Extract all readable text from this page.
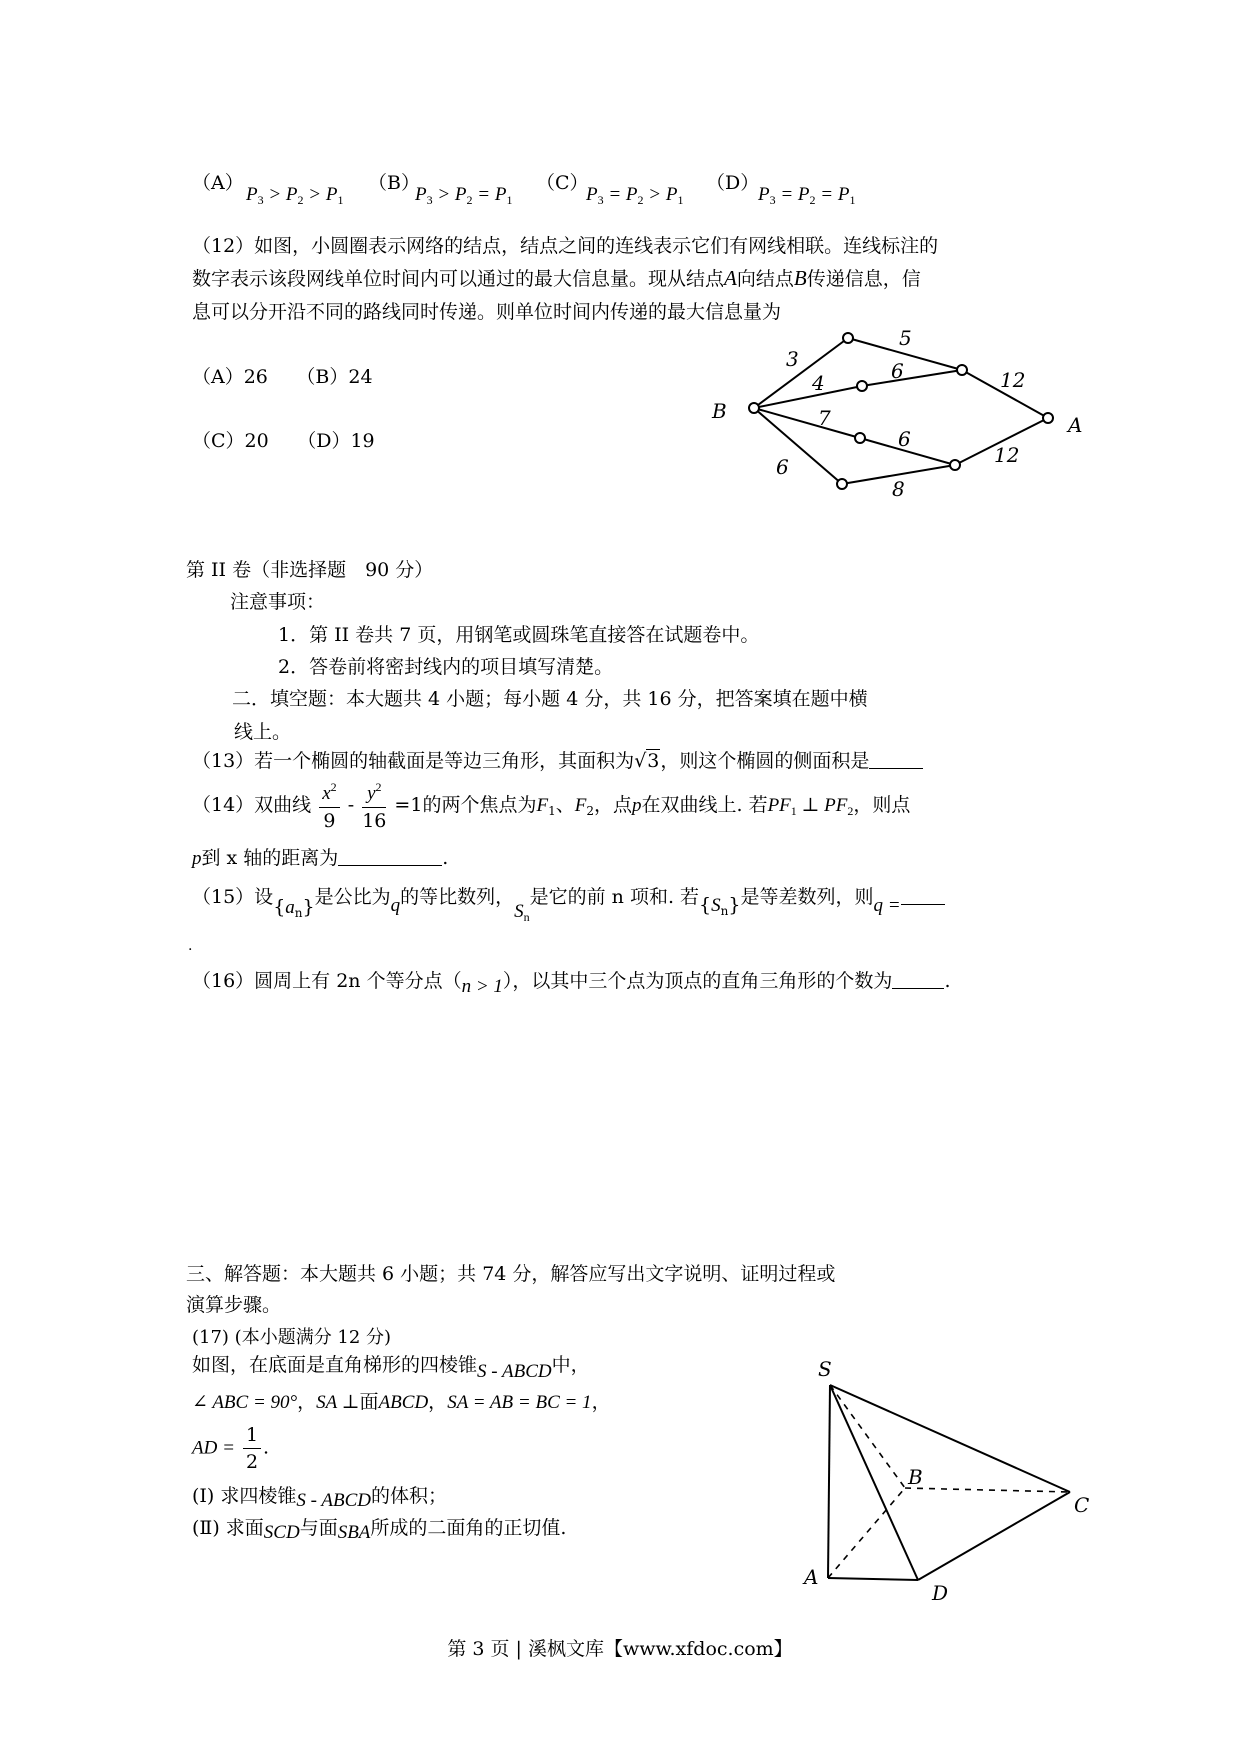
（A）
$P_3 > P_2 > P_1$
（B）
$P_3 > P_2 = P_1$
（C）
$P_3 = P_2 > P_1$
（D）
$P_3 = P_2 = P_1$
（12）如图，小圆圈表示网络的结点，结点之间的连线表示它们有网线相联。连线标注的
数字表示该段网线单位时间内可以通过的最大信息量。现从结点A向结点B传递信息，信
息可以分开沿不同的路线同时传递。则单位时间内传递的最大信息量为
（A）26　　（B）24
（C）20　　（D）19
B
A
3
5
4	6	12
7
6
12
6
8
第 II 卷（非选择题　90 分）
注意事项：
1．第 II 卷共 7 页，用钢笔或圆珠笔直接答在试题卷中。
2．答卷前将密封线内的项目填写清楚。
二．填空题：本大题共 4 小题；每小题 4 分，共 16 分，把答案填在题中横
线上。
（13）若一个椭圆的轴截面是等边三角形，其面积为√3，则这个椭圆的侧面积是
（14）双曲线 $\frac{x^2}{9} - \frac{y^2}{16} =1$的两个焦点为$F_1$、$F_2$，点p在双曲线上. 若$PF_1$ ⊥ $PF_2$，则点
p到 x 轴的距离为	.
（15）设$\{a_n\}$是公比为q的等比数列，$S_n$是它的前 n 项和. 若$\{S_n\}$是等差数列，则q =
.
（16）圆周上有 2n 个等分点（n > 1），以其中三个点为顶点的直角三角形的个数为	.
三、解答题：本大题共 6 小题；共 74 分，解答应写出文字说明、证明过程或
演算步骤。
(17) (本小题满分 12 分)
如图，在底面是直角梯形的四棱锥S - ABCD中，
∠ ABC = 90°，SA ⊥面ABCD，SA = AB = BC = 1，
AD = $\frac{1}{2}$ .
(Ⅰ) 求四棱锥S - ABCD的体积；
(Ⅱ) 求面SCD与面SBA所成的二面角的正切值.
S
A
B
C
D
第 3 页 | 溪枫文库【www.xfdoc.com】
